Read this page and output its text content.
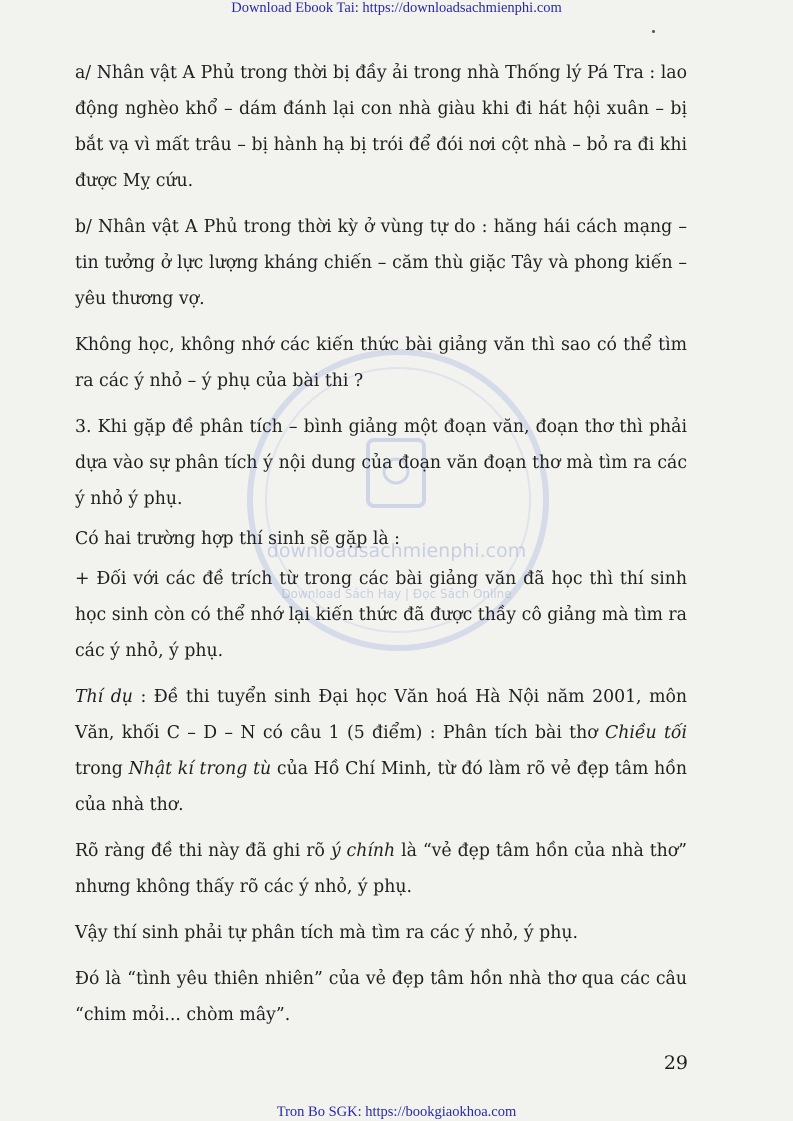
Download Ebook Tai: https://downloadsachmienphi.com
downloadsachmienphi.com
Download Sách Hay | Đọc Sách Online

a/ Nhân vật A Phủ trong thời bị đầy ải trong nhà Thống lý Pá Tra : lao động nghèo khổ – dám đánh lại con nhà giàu khi đi hát hội xuân – bị bắt vạ vì mất trâu – bị hành hạ bị trói để đói nơi cột nhà – bỏ ra đi khi được Mỵ cứu.

b/ Nhân vật A Phủ trong thời kỳ ở vùng tự do : hăng hái cách mạng – tin tưởng ở lực lượng kháng chiến – căm thù giặc Tây và phong kiến – yêu thương vợ.

Không học, không nhớ các kiến thức bài giảng văn thì sao có thể tìm ra các ý nhỏ – ý phụ của bài thi ?

3. Khi gặp đề phân tích – bình giảng một đoạn văn, đoạn thơ thì phải dựa vào sự phân tích ý nội dung của đoạn văn đoạn thơ mà tìm ra các ý nhỏ ý phụ.

Có hai trường hợp thí sinh sẽ gặp là :

+ Đối với các đề trích từ trong các bài giảng văn đã học thì thí sinh học sinh còn có thể nhớ lại kiến thức đã được thầy cô giảng mà tìm ra các ý nhỏ, ý phụ.

Thí dụ : Đề thi tuyển sinh Đại học Văn hoá Hà Nội năm 2001, môn Văn, khối C – D – N có câu 1 (5 điểm) : Phân tích bài thơ Chiều tối trong Nhật kí trong tù của Hồ Chí Minh, từ đó làm rõ vẻ đẹp tâm hồn của nhà thơ.

Rõ ràng đề thi này đã ghi rõ ý chính là “vẻ đẹp tâm hồn của nhà thơ” nhưng không thấy rõ các ý nhỏ, ý phụ.

Vậy thí sinh phải tự phân tích mà tìm ra các ý nhỏ, ý phụ.

Đó là “tình yêu thiên nhiên” của vẻ đẹp tâm hồn nhà thơ qua các câu “chim mỏi... chòm mây”.

29
Tron Bo SGK: https://bookgiaokhoa.com
